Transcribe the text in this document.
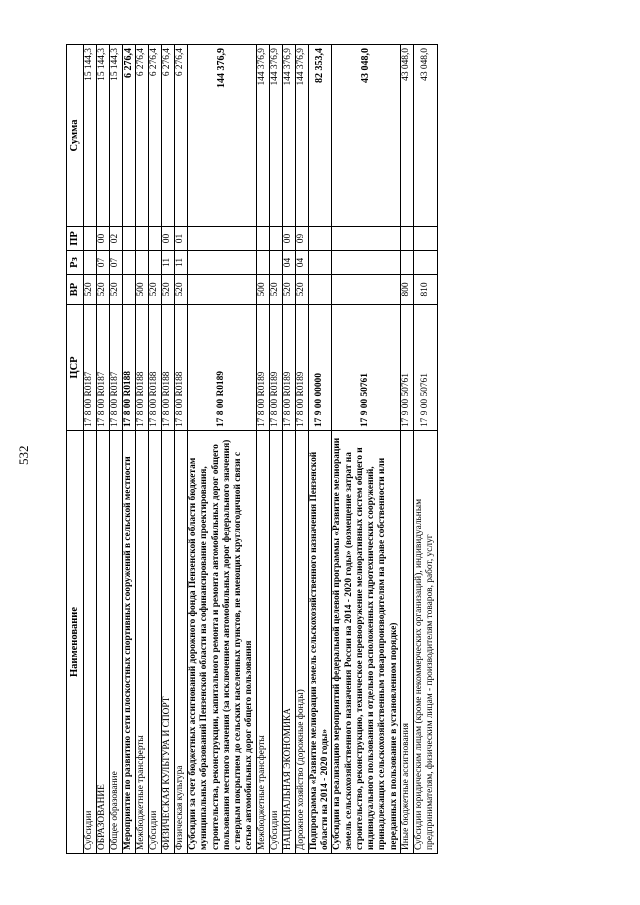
532
Наименование	ЦСР	ВР	Рз	ПР	Сумма
Субсидии	17 8 00 R0187	520			15 144,3
ОБРАЗОВАНИЕ	17 8 00 R0187	520	07	00	15 144,3
Общее образование	17 8 00 R0187	520	07	02	15 144,3
Мероприятие по развитию сети плоскостных спортивных сооружений в сельской местности	17 8 00 R0188				6 276,4
Межбюджетные трансферты	17 8 00 R0188	500			6 276,4
Субсидии	17 8 00 R0188	520			6 276,4
ФИЗИЧЕСКАЯ КУЛЬТУРА И СПОРТ	17 8 00 R0188	520	11	00	6 276,4
Физическая культура	17 8 00 R0188	520	11	01	6 276,4
Субсидии за счет бюджетных ассигнований дорожного фонда Пензенской области бюджетам муниципальных образований Пензенской области на софинансирование проектирования, строительства, реконструкции, капитального ремонта и ремонта автомобильных дорог общего пользования местного значения (за исключением автомобильных дорог федерального значения) с твердым покрытием до сельских населенных пунктов, не имеющих круглогодичной связи с сетью автомобильных дорог общего пользования	17 8 00 R0189				144 376,9
Межбюджетные трансферты	17 8 00 R0189	500			144 376,9
Субсидии	17 8 00 R0189	520			144 376,9
НАЦИОНАЛЬНАЯ ЭКОНОМИКА	17 8 00 R0189	520	04	00	144 376,9
Дорожное хозяйство (дорожные фонды)	17 8 00 R0189	520	04	09	144 376,9
Подпрограмма «Развитие мелиорации земель сельскохозяйственного назначения Пензенской области на 2014 - 2020 годы»	17 9 00 00000				82 353,4
Субсидии на реализацию мероприятий федеральной целевой программы «Развитие мелиорации земель сельскохозяйственного назначения России на 2014 - 2020 годы» (возмещение затрат на строительство, реконструкцию, техническое перевооружение мелиоративных систем общего и индивидуального пользования и отдельно расположенных гидротехнических сооружений, принадлежащих сельскохозяйственным товаропроизводителям на праве собственности или переданных в пользование в установленном порядке)	17 9 00 50761				43 048,0
Иные бюджетные ассигнования	17 9 00 50761	800			43 048,0
Субсидии юридическим лицам (кроме некоммерческих организаций), индивидуальным предпринимателям, физическим лицам - производителям товаров, работ, услуг	17 9 00 50761	810			43 048,0
